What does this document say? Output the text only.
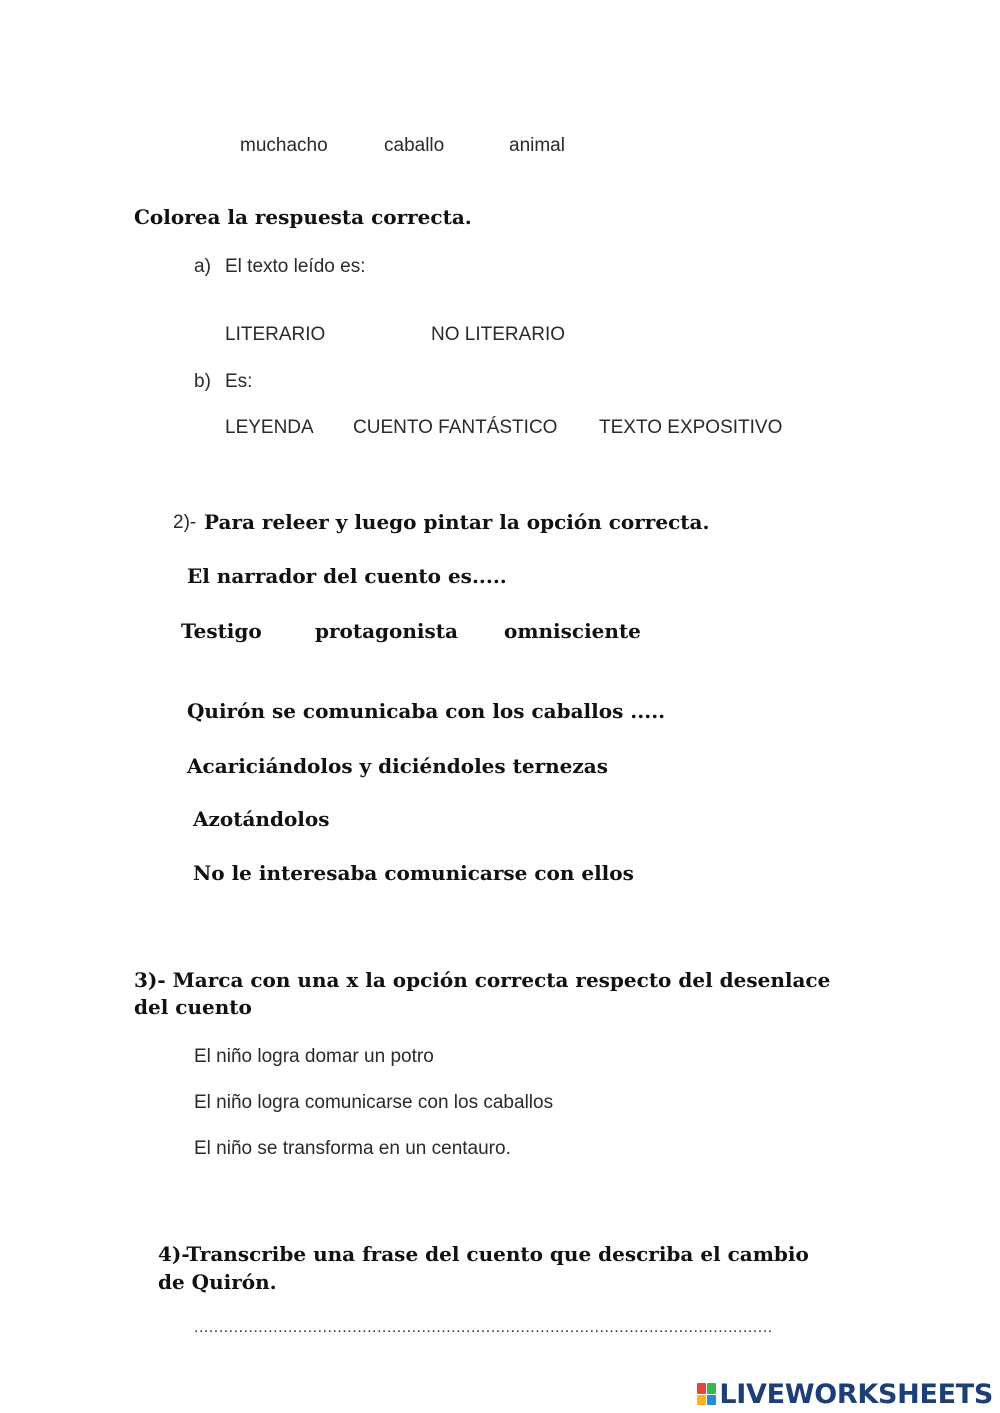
muchacho	caballo	animal
Colorea la respuesta correcta.
a) El texto leído es:
LITERARIO	NO LITERARIO
b) Es:
LEYENDA CUENTO FANTÁSTICO TEXTO EXPOSITIVO
2)- Para releer y luego pintar la opción correcta.
El narrador del cuento es.....
Testigo	protagonista omnisciente
Quirón se comunicaba con los caballos .....
Acariciándolos y diciéndoles ternezas
Azotándolos
No le interesaba comunicarse con ellos
3)- Marca con una x la opción correcta respecto del desenlace
del cuento
El niño logra domar un potro
El niño logra comunicarse con los caballos
El niño se transforma en un centauro.
4)-Transcribe una frase del cuento que describa el cambio
de Quirón.
.....................................................................................................................
LIVEWORKSHEETS
